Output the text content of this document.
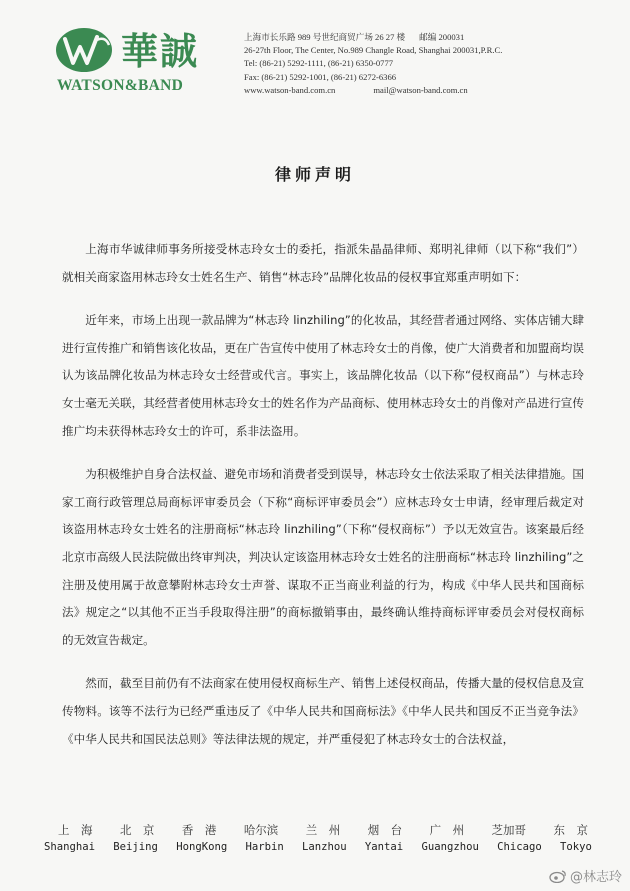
華誠
WATSON&BAND
上海市长乐路 989 号世纪商贸广场 26 27 楼 邮编 200031
26-27th Floor, The Center, No.989 Changle Road, Shanghai 200031,P.R.C.
Tel: (86-21) 5292-1111, (86-21) 6350-0777
Fax: (86-21) 5292-1001, (86-21) 6272-6366
www.watson-band.com.cn	mail@watson-band.com.cn
律师声明

上海市华诚律师事务所接受林志玲女士的委托，指派朱晶晶律师、郑明礼律师（以下称“我们”）就相关商家盗用林志玲女士姓名生产、销售“林志玲”品牌化妆品的侵权事宜郑重声明如下：

近年来，市场上出现一款品牌为“林志玲 linzhiling”的化妆品，其经营者通过网络、实体店铺大肆进行宣传推广和销售该化妆品，更在广告宣传中使用了林志玲女士的肖像，使广大消费者和加盟商均误认为该品牌化妆品为林志玲女士经营或代言。事实上，该品牌化妆品（以下称“侵权商品”）与林志玲女士毫无关联，其经营者使用林志玲女士的姓名作为产品商标、使用林志玲女士的肖像对产品进行宣传推广均未获得林志玲女士的许可，系非法盗用。

为积极维护自身合法权益、避免市场和消费者受到误导，林志玲女士依法采取了相关法律措施。国家工商行政管理总局商标评审委员会（下称“商标评审委员会”）应林志玲女士申请，经审理后裁定对该盗用林志玲女士姓名的注册商标“林志玲 linzhiling”（下称“侵权商标”）予以无效宣告。该案最后经北京市高级人民法院做出终审判决，判决认定该盗用林志玲女士姓名的注册商标“林志玲 linzhiling”之注册及使用属于故意攀附林志玲女士声誉、谋取不正当商业利益的行为，构成《中华人民共和国商标法》规定之“以其他不正当手段取得注册”的商标撤销事由，最终确认维持商标评审委员会对侵权商标的无效宣告裁定。

然而，截至目前仍有不法商家在使用侵权商标生产、销售上述侵权商品，传播大量的侵权信息及宣传物料。该等不法行为已经严重违反了《中华人民共和国商标法》《中华人民共和国反不正当竞争法》《中华人民共和国民法总则》等法律法规的规定，并严重侵犯了林志玲女士的合法权益，

上　海 北　京 香　港 哈尔滨 兰　州 烟　台 广　州 芝加哥 东　京
Shanghai Beijing HongKong Harbin Lanzhou Yantai Guangzhou Chicago Tokyo
@林志玲
